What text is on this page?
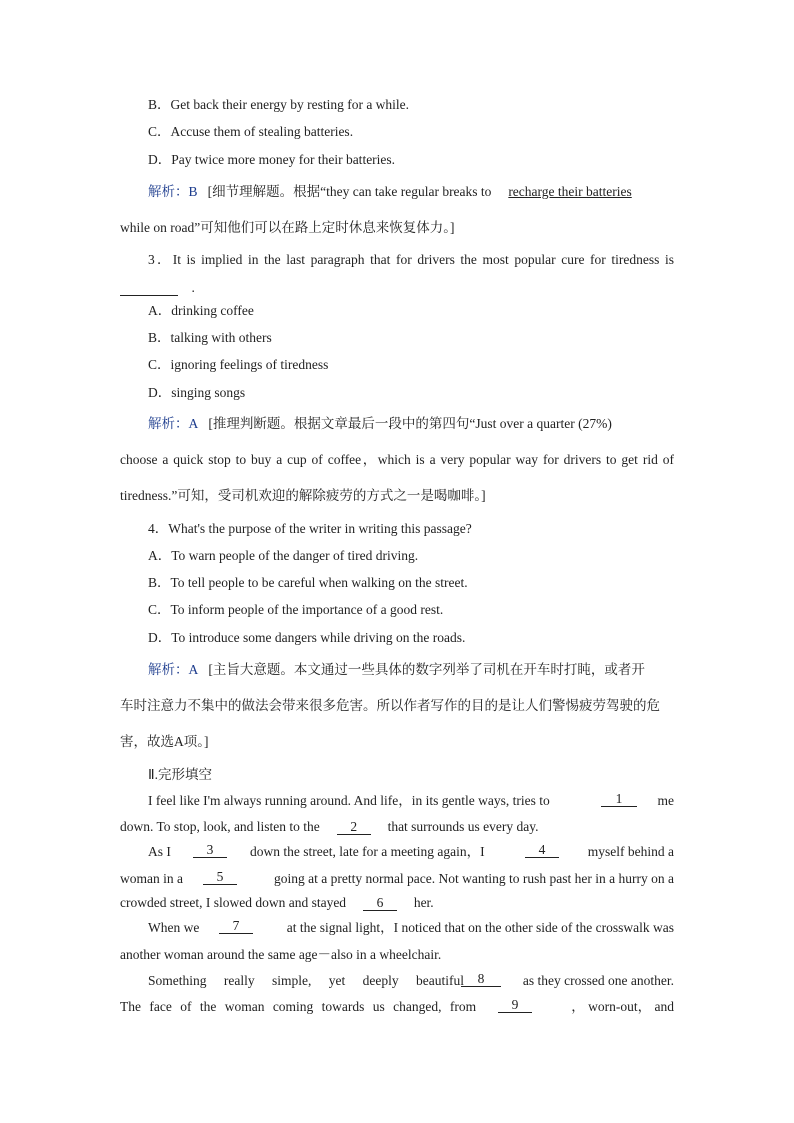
B．Get back their energy by resting for a while.
C．Accuse them of stealing batteries.
D．Pay twice more money for their batteries.
解析：B [细节理解题。根据“they can take regular breaks to recharge their batteries
while on road”可知他们可以在路上定时休息来恢复体力。]
3．It is implied in the last paragraph that for drivers the most popular cure for tiredness is
.
A．drinking coffee
B．talking with others
C．ignoring feelings of tiredness
D．singing songs
解析：A [推理判断题。根据文章最后一段中的第四句“Just over a quarter (27%)
choose a quick stop to buy a cup of coffee，which is a very popular way for drivers to get rid of
tiredness.”可知，受司机欢迎的解除疲劳的方式之一是喝咖啡。]
4．What's the purpose of the writer in writing this passage?
A．To warn people of the danger of tired driving.
B．To tell people to be careful when walking on the street.
C．To inform people of the importance of a good rest.
D．To introduce some dangers while driving on the roads.
解析：A [主旨大意题。本文通过一些具体的数字列举了司机在开车时打盹，或者开
车时注意力不集中的做法会带来很多危害。所以作者写作的目的是让人们警惕疲劳驾驶的危
害，故选A项。]
Ⅱ.完形填空
I feel like I'm always running around. And life，in its gentle ways, tries to	1	me
down. To stop, look, and listen to the 2 that surrounds us every day.
As I	3	down the street, late for a meeting again，I	4	myself behind a
woman in a	5	going at a pretty normal pace. Not wanting to rush past her in a hurry on a
crowded street, I slowed down and stayed 6 her.
When we	7	at the signal light，I noticed that on the other side of the crosswalk was
another woman around the same age－also in a wheelchair.
Something really simple, yet deeply beautiful	8	as they crossed one another.
The face of the woman coming towards us changed, from	9	， worn-out， and
